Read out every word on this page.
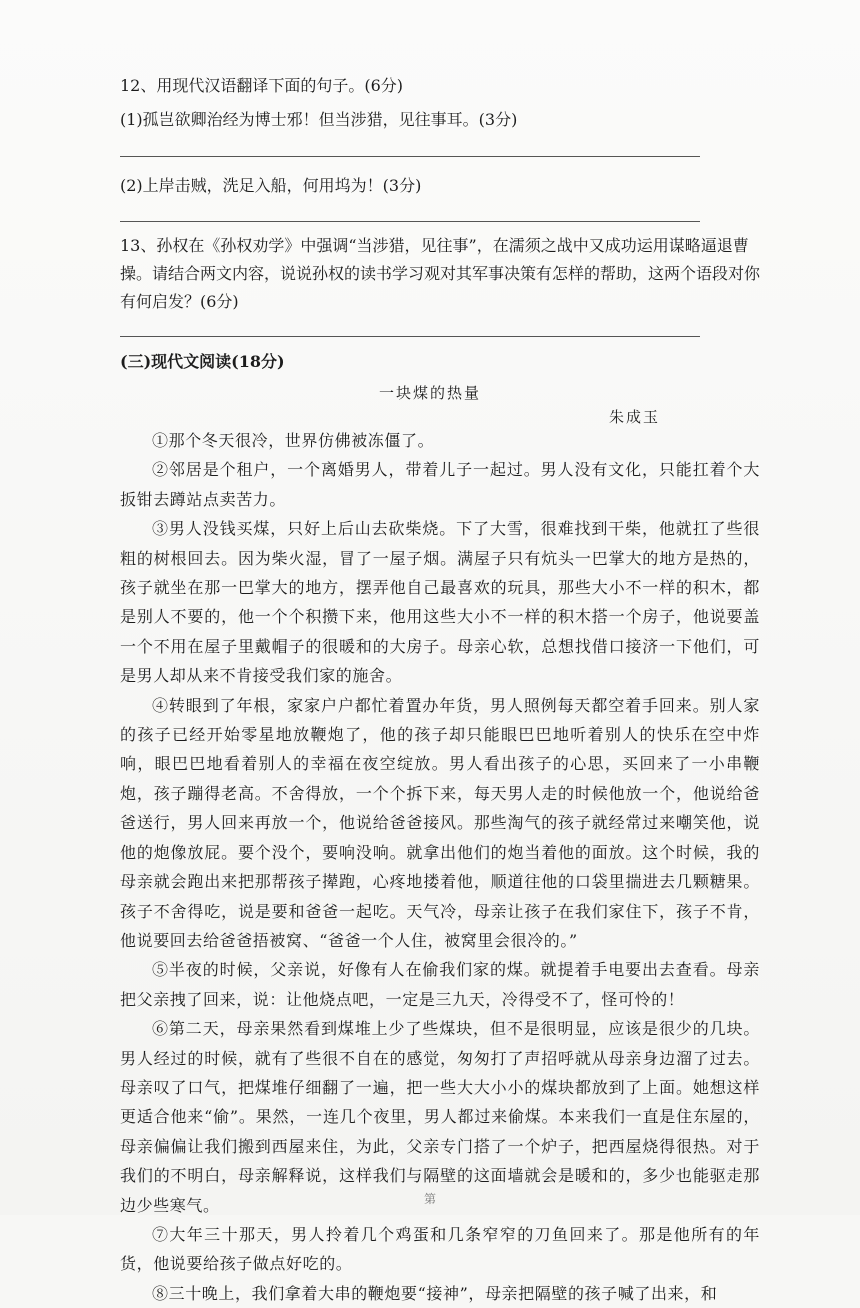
12、用现代汉语翻译下面的句子。(6分)
(1)孤岂欲卿治经为博士邪！但当涉猎，见往事耳。(3分)
(2)上岸击贼，洗足入船，何用坞为！(3分)
13、孙权在《孙权劝学》中强调“当涉猎，见往事”，在濡须之战中又成功运用谋略逼退曹操。请结合两文内容，说说孙权的读书学习观对其军事决策有怎样的帮助，这两个语段对你有何启发？(6分)
(三)现代文阅读(18分)
一块煤的热量
朱成玉

①那个冬天很冷，世界仿佛被冻僵了。

②邻居是个租户，一个离婚男人，带着儿子一起过。男人没有文化，只能扛着个大扳钳去蹲站点卖苦力。

③男人没钱买煤，只好上后山去砍柴烧。下了大雪，很难找到干柴，他就扛了些很粗的树根回去。因为柴火湿，冒了一屋子烟。满屋子只有炕头一巴掌大的地方是热的，孩子就坐在那一巴掌大的地方，摆弄他自己最喜欢的玩具，那些大小不一样的积木，都是别人不要的，他一个个积攒下来，他用这些大小不一样的积木搭一个房子，他说要盖一个不用在屋子里戴帽子的很暖和的大房子。母亲心软，总想找借口接济一下他们，可是男人却从来不肯接受我们家的施舍。

④转眼到了年根，家家户户都忙着置办年货，男人照例每天都空着手回来。别人家的孩子已经开始零星地放鞭炮了，他的孩子却只能眼巴巴地听着别人的快乐在空中炸响，眼巴巴地看着别人的幸福在夜空绽放。男人看出孩子的心思，买回来了一小串鞭炮，孩子蹦得老高。不舍得放，一个个拆下来，每天男人走的时候他放一个，他说给爸爸送行，男人回来再放一个，他说给爸爸接风。那些淘气的孩子就经常过来嘲笑他，说他的炮像放屁。要个没个，要响没响。就拿出他们的炮当着他的面放。这个时候，我的母亲就会跑出来把那帮孩子撵跑，心疼地搂着他，顺道往他的口袋里揣进去几颗糖果。孩子不舍得吃，说是要和爸爸一起吃。天气冷，母亲让孩子在我们家住下，孩子不肯，他说要回去给爸爸捂被窝、“爸爸一个人住，被窝里会很冷的。”

⑤半夜的时候，父亲说，好像有人在偷我们家的煤。就提着手电要出去查看。母亲把父亲拽了回来，说：让他烧点吧，一定是三九天，冷得受不了，怪可怜的！

⑥第二天，母亲果然看到煤堆上少了些煤块，但不是很明显，应该是很少的几块。男人经过的时候，就有了些很不自在的感觉，匆匆打了声招呼就从母亲身边溜了过去。母亲叹了口气，把煤堆仔细翻了一遍，把一些大大小小的煤块都放到了上面。她想这样更适合他来“偷”。果然，一连几个夜里，男人都过来偷煤。本来我们一直是住东屋的，母亲偏偏让我们搬到西屋来住，为此，父亲专门搭了一个炉子，把西屋烧得很热。对于我们的不明白，母亲解释说，这样我们与隔壁的这面墙就会是暖和的，多少也能驱走那边少些寒气。

⑦大年三十那天，男人拎着几个鸡蛋和几条窄窄的刀鱼回来了。那是他所有的年货，他说要给孩子做点好吃的。

⑧三十晚上，我们拿着大串的鞭炮要“接神”，母亲把隔壁的孩子喊了出来，和

第
